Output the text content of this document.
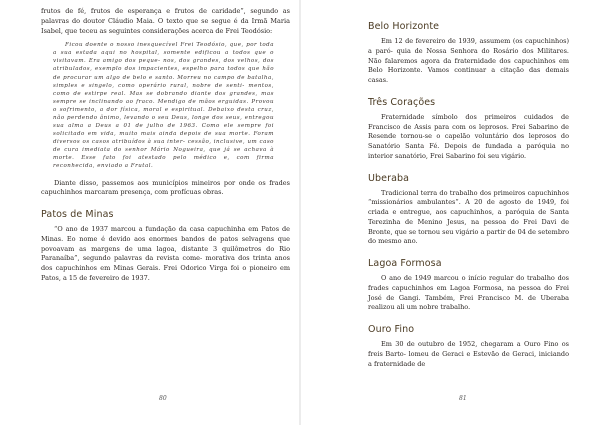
frutos de fé, frutos de esperança e frutos de caridade”, segundo as palavras do doutor Cláudio Maia. O texto que se segue é da Irmã Maria Isabel, que teceu as seguintes considerações acerca de Frei Teodósio:

Ficou doente o nosso inesquecível Frei Teodósio, que, por toda a sua estada aqui no hospital, somente edificou a todos que o visitavam. Era amigo dos peque- nos, dos grandes, dos velhos, dos atribulados, exemplo dos impacientes, espelho para todos que hão de procurar um algo de belo e santo. Morreu no campo de batalha, simples e singelo, como operário rural, nobre de senti- mentos, como de estirpe real. Mas se dobrando diante dos grandes, mas sempre se inclinando ao fraco. Mendigo de mãos erguidas. Provou o sofrimento, a dor física, moral e espiritual. Debaixo desta cruz, não perdendo ânimo, levando o seu Deus, longe dos seus, entregou sua alma a Deus a 01 de julho de 1963. Como ele sempre foi solicitado em vida, muito mais ainda depois de sua morte. Foram diversos os casos atribuídos à sua inter- cessão, inclusive, um caso de cura imediata do senhor Mário Nogueira, que já se achava à morte. Esse fato foi atestado pelo médico e, com firma reconhecida, enviado a Frutal.

Diante disso, passemos aos municípios mineiros por onde os frades capuchinhos marcaram presença, com profícuas obras.

Patos de Minas

“O ano de 1937 marcou a fundação da casa capuchinha em Patos de Minas. Eo nome é devido aos enormes bandos de patos selvagens que povoavam as margens de uma lagoa, distante 3 quilômetros do Rio Paranaíba”, segundo palavras da revista come- morativa dos trinta anos dos capuchinhos em Minas Gerais. Frei Odorico Virga foi o pioneiro em Patos, a 15 de fevereiro de 1937.

80
Belo Horizonte

Em 12 de fevereiro de 1939, assumem (os capuchinhos) a paró- quia de Nossa Senhora do Rosário dos Militares. Não falaremos agora da fraternidade dos capuchinhos em Belo Horizonte. Vamos continuar a citação das demais casas.

Três Corações

Fraternidade símbolo dos primeiros cuidados de Francisco de Assis para com os leprosos. Frei Sabarino de Resende tornou-se o capelão voluntário dos leprosos do Sanatório Santa Fé. Depois de fundada a paróquia no interior sanatório, Frei Sabarino foi seu vigário.

Uberaba

Tradicional terra do trabalho dos primeiros capuchinhos “missionários ambulantes”. A 20 de agosto de 1949, foi criada e entregue, aos capuchinhos, a paróquia de Santa Terezinha de Menino Jesus, na pessoa do Frei Davi de Bronte, que se tornou seu vigário a partir de 04 de setembro do mesmo ano.

Lagoa Formosa

O ano de 1949 marcou o início regular do trabalho dos frades capuchinhos em Lagoa Formosa, na pessoa do Frei José de Gangi. Também, Frei Francisco M. de Uberaba realizou ali um nobre trabalho.

Ouro Fino

Em 30 de outubro de 1952, chegaram a Ouro Fino os freis Barto- lomeu de Geraci e Estevão de Geraci, iniciando a fraternidade de

81
